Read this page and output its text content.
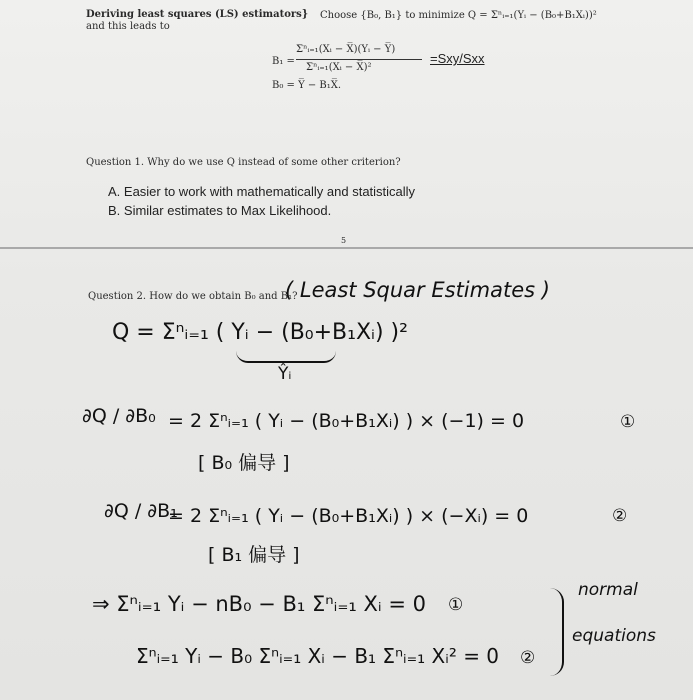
Deriving least squares (LS) estimators}
and this leads to
Choose {B₀, B₁} to minimize Q = Σⁿᵢ₌₁(Yᵢ − (B₀+B₁Xᵢ))²
B₁ =
Σⁿᵢ₌₁(Xᵢ − X̅)(Yᵢ − Y̅)
Σⁿᵢ₌₁(Xᵢ − X̅)²
=Sxy/Sxx
B₀ = Y̅ − B₁X̅.
Question 1. Why do we use Q instead of some other criterion?
A. Easier to work with mathematically and statistically
B. Similar estimates to Max Likelihood.
5
Question 2. How do we obtain B₀ and B₁?
( Least Squar Estimates )
Q = Σⁿᵢ₌₁ ( Yᵢ − (B₀+B₁Xᵢ) )²
Ŷᵢ
∂Q / ∂B₀ = 2 Σⁿᵢ₌₁ ( Yᵢ − (B₀+B₁Xᵢ) ) × (−1) = 0	①
[ B₀ 偏导 ]
∂Q / ∂B₁
= 2 Σⁿᵢ₌₁ ( Yᵢ − (B₀+B₁Xᵢ) ) × (−Xᵢ) = 0	②
[ B₁ 偏导 ]
⇒ Σⁿᵢ₌₁ Yᵢ − nB₀ − B₁ Σⁿᵢ₌₁ Xᵢ = 0 ①
Σⁿᵢ₌₁ Yᵢ − B₀ Σⁿᵢ₌₁ Xᵢ − B₁ Σⁿᵢ₌₁ Xᵢ² = 0 ②
normal
equations
